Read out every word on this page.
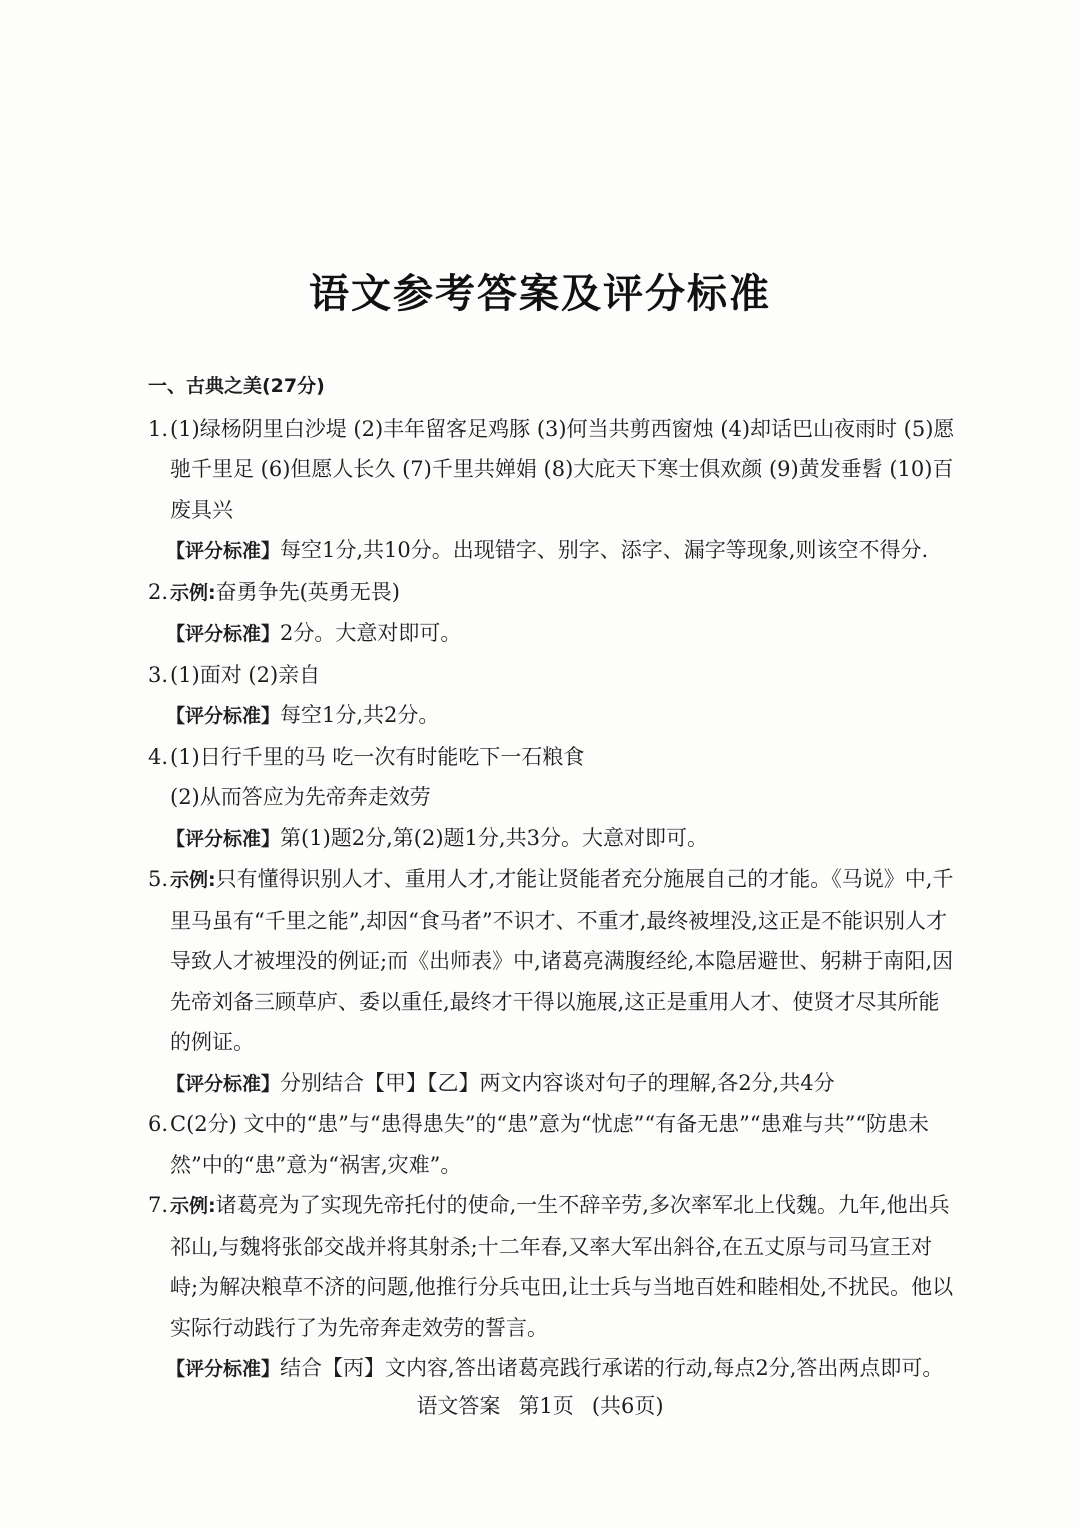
语文参考答案及评分标准
一、古典之美(27分)
1. (1)绿杨阴里白沙堤 (2)丰年留客足鸡豚 (3)何当共剪西窗烛 (4)却话巴山夜雨时 (5)愿驰千里足 (6)但愿人长久 (7)千里共婵娟 (8)大庇天下寒士俱欢颜 (9)黄发垂髫 (10)百废具兴
【评分标准】每空1分,共10分。出现错字、别字、添字、漏字等现象,则该空不得分.
2. 示例:奋勇争先(英勇无畏)
【评分标准】2分。大意对即可。
3. (1)面对 (2)亲自
【评分标准】每空1分,共2分。
4. (1)日行千里的马 吃一次有时能吃下一石粮食
(2)从而答应为先帝奔走效劳
【评分标准】第(1)题2分,第(2)题1分,共3分。大意对即可。
5. 示例:只有懂得识别人才、重用人才,才能让贤能者充分施展自己的才能。《马说》中,千里马虽有“千里之能”,却因“食马者”不识才、不重才,最终被埋没,这正是不能识别人才导致人才被埋没的例证;而《出师表》中,诸葛亮满腹经纶,本隐居避世、躬耕于南阳,因先帝刘备三顾草庐、委以重任,最终才干得以施展,这正是重用人才、使贤才尽其所能的例证。
【评分标准】分别结合【甲】【乙】两文内容谈对句子的理解,各2分,共4分
6. C(2分) 文中的“患”与“患得患失”的“患”意为“忧虑”“有备无患”“患难与共”“防患未然”中的“患”意为“祸害,灾难”。
7. 示例:诸葛亮为了实现先帝托付的使命,一生不辞辛劳,多次率军北上伐魏。九年,他出兵祁山,与魏将张郃交战并将其射杀;十二年春,又率大军出斜谷,在五丈原与司马宣王对峙;为解决粮草不济的问题,他推行分兵屯田,让士兵与当地百姓和睦相处,不扰民。他以实际行动践行了为先帝奔走效劳的誓言。
【评分标准】结合【丙】文内容,答出诸葛亮践行承诺的行动,每点2分,答出两点即可。
语文答案 第1页 (共6页)
